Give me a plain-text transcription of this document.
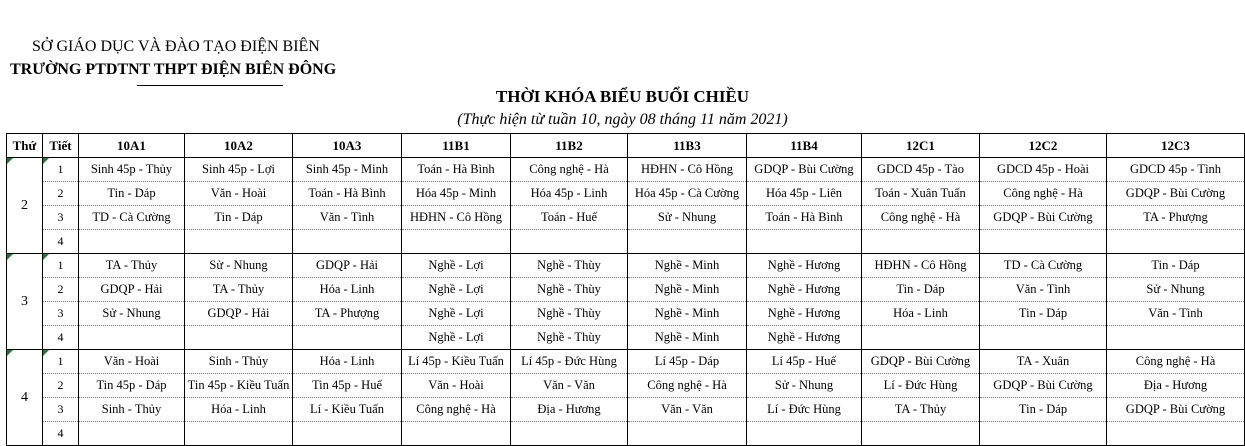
SỞ GIÁO DỤC VÀ ĐÀO TẠO ĐIỆN BIÊN
TRƯỜNG PTDTNT THPT ĐIỆN BIÊN ĐÔNG
THỜI KHÓA BIỂU BUỔI CHIỀU
(Thực hiện từ tuần 10, ngày 08 tháng 11 năm 2021)
Thứ	Tiết	10A1	10A2	10A3	11B1	11B2	11B3	11B4	12C1	12C2	12C3

2	1	Sinh 45p - Thủy	Sinh 45p - Lợi	Sinh 45p - Minh	Toán - Hà Bình	Công nghệ - Hà	HĐHN - Cô Hồng	GDQP - Bùi Cường	GDCD 45p - Tào	GDCD 45p - Hoài	GDCD 45p - Tình
	2	Tin - Dáp	Văn - Hoài	Toán - Hà Bình	Hóa 45p - Minh	Hóa 45p - Linh	Hóa 45p - Cà Cường	Hóa 45p - Liên	Toán - Xuân Tuấn	Công nghệ - Hà	GDQP - Bùi Cường
	3	TD - Cà Cường	Tin - Dáp	Văn - Tình	HĐHN - Cô Hồng	Toán - Huế	Sử - Nhung	Toán - Hà Bình	Công nghệ - Hà	GDQP - Bùi Cường	TA - Phượng
	4										

3	1	TA - Thủy	Sử - Nhung	GDQP - Hải	Nghề - Lợi	Nghề - Thùy	Nghề - Minh	Nghề - Hương	HĐHN - Cô Hồng	TD - Cà Cường	Tin - Dáp
	2	GDQP - Hải	TA - Thủy	Hóa - Linh	Nghề - Lợi	Nghề - Thùy	Nghề - Minh	Nghề - Hương	Tin - Dáp	Văn - Tình	Sử - Nhung
	3	Sử - Nhung	GDQP - Hải	TA - Phượng	Nghề - Lợi	Nghề - Thùy	Nghề - Minh	Nghề - Hương	Hóa - Linh	Tin - Dáp	Văn - Tình
	4				Nghề - Lợi	Nghề - Thùy	Nghề - Minh	Nghề - Hương			

4	1	Văn - Hoài	Sinh - Thủy	Hóa - Linh	Lí 45p - Kiều Tuấn	Lí 45p - Đức Hùng	Lí 45p - Dáp	Lí 45p - Huế	GDQP - Bùi Cường	TA - Xuân	Công nghệ - Hà
	2	Tin 45p - Dáp	Tin 45p - Kiều Tuấn	Tin 45p - Huế	Văn - Hoài	Văn - Văn	Công nghệ - Hà	Sử - Nhung	Lí - Đức Hùng	GDQP - Bùi Cường	Địa - Hương
	3	Sinh - Thủy	Hóa - Linh	Lí - Kiều Tuấn	Công nghệ - Hà	Địa - Hương	Văn - Văn	Lí - Đức Hùng	TA - Thủy	Tin - Dáp	GDQP - Bùi Cường
	4										
